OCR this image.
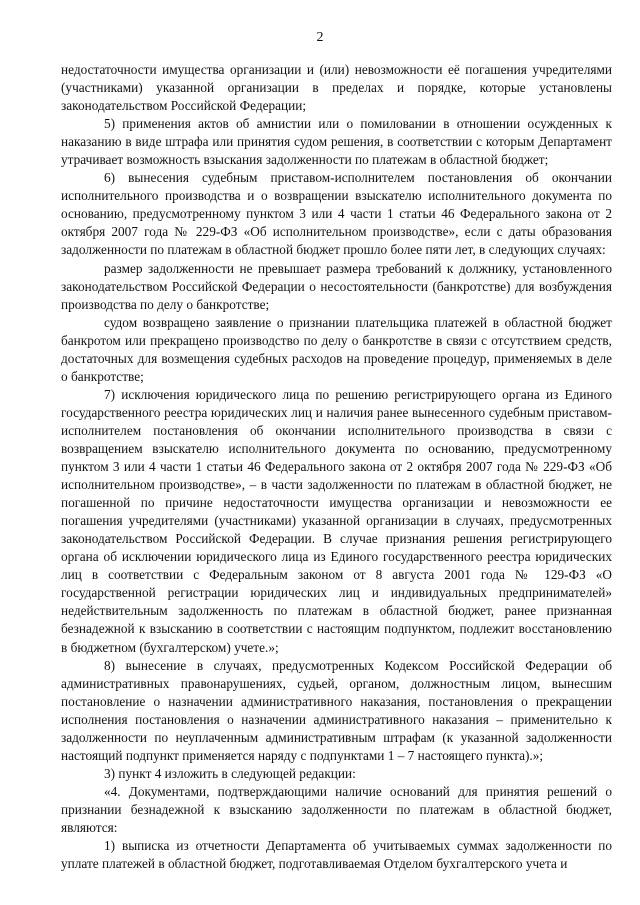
2

недостаточности имущества организации и (или) невозможности её погашения учредителями (участниками) указанной организации в пределах и порядке, которые установлены законодательством Российской Федерации;

5) применения актов об амнистии или о помиловании в отношении осужденных к наказанию в виде штрафа или принятия судом решения, в соответствии с которым Департамент утрачивает возможность взыскания задолженности по платежам в областной бюджет;

6) вынесения судебным приставом-исполнителем постановления об окончании исполнительного производства и о возвращении взыскателю исполнительного документа по основанию, предусмотренному пунктом 3 или 4 части 1 статьи 46 Федерального закона от 2 октября 2007 года № 229-ФЗ «Об исполнительном производстве», если с даты образования задолженности по платежам в областной бюджет прошло более пяти лет, в следующих случаях:

размер задолженности не превышает размера требований к должнику, установленного законодательством Российской Федерации о несостоятельности (банкротстве) для возбуждения производства по делу о банкротстве;

судом возвращено заявление о признании плательщика платежей в областной бюджет банкротом или прекращено производство по делу о банкротстве в связи с отсутствием средств, достаточных для возмещения судебных расходов на проведение процедур, применяемых в деле о банкротстве;

7) исключения юридического лица по решению регистрирующего органа из Единого государственного реестра юридических лиц и наличия ранее вынесенного судебным приставом-исполнителем постановления об окончании исполнительного производства в связи с возвращением взыскателю исполнительного документа по основанию, предусмотренному пунктом 3 или 4 части 1 статьи 46 Федерального закона от 2 октября 2007 года № 229-ФЗ «Об исполнительном производстве», – в части задолженности по платежам в областной бюджет, не погашенной по причине недостаточности имущества организации и невозможности ее погашения учредителями (участниками) указанной организации в случаях, предусмотренных законодательством Российской Федерации. В случае признания решения регистрирующего органа об исключении юридического лица из Единого государственного реестра юридических лиц в соответствии с Федеральным законом от 8 августа 2001 года № 129-ФЗ «О государственной регистрации юридических лиц и индивидуальных предпринимателей» недействительным задолженность по платежам в областной бюджет, ранее признанная безнадежной к взысканию в соответствии с настоящим подпунктом, подлежит восстановлению в бюджетном (бухгалтерском) учете.»;

8) вынесение в случаях, предусмотренных Кодексом Российской Федерации об административных правонарушениях, судьей, органом, должностным лицом, вынесшим постановление о назначении административного наказания, постановления о прекращении исполнения постановления о назначении административного наказания – применительно к задолженности по неуплаченным административным штрафам (к указанной задолженности настоящий подпункт применяется наряду с подпунктами 1 – 7 настоящего пункта).»;

3) пункт 4 изложить в следующей редакции:

«4. Документами, подтверждающими наличие оснований для принятия решений о признании безнадежной к взысканию задолженности по платежам в областной бюджет, являются:

1) выписка из отчетности Департамента об учитываемых суммах задолженности по уплате платежей в областной бюджет, подготавливаемая Отделом бухгалтерского учета и
